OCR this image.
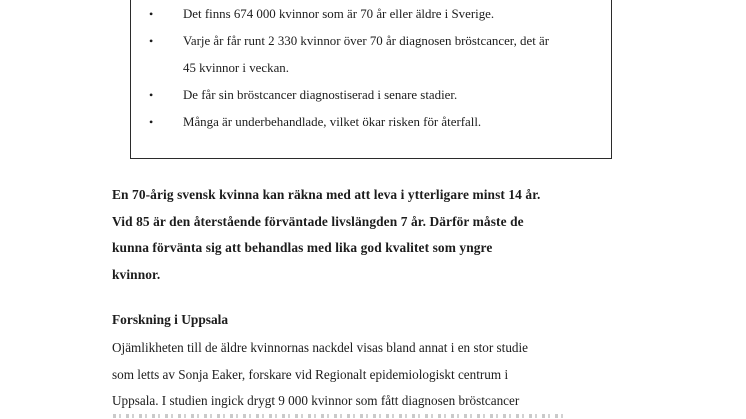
•	Det finns 674 000 kvinnor som är 70 år eller äldre i Sverige.
•	Varje år får runt 2 330 kvinnor över 70 år diagnosen bröstcancer, det är
45 kvinnor i veckan.
•	De får sin bröstcancer diagnostiserad i senare stadier.
•	Många är underbehandlade, vilket ökar risken för återfall.
En 70-årig svensk kvinna kan räkna med att leva i ytterligare minst 14 år.
Vid 85 är den återstående förväntade livslängden 7 år. Därför måste de
kunna förvänta sig att behandlas med lika god kvalitet som yngre
kvinnor.
Forskning i Uppsala
Ojämlikheten till de äldre kvinnornas nackdel visas bland annat i en stor studie
som letts av Sonja Eaker, forskare vid Regionalt epidemiologiskt centrum i
Uppsala. I studien ingick drygt 9 000 kvinnor som fått diagnosen bröstcancer
